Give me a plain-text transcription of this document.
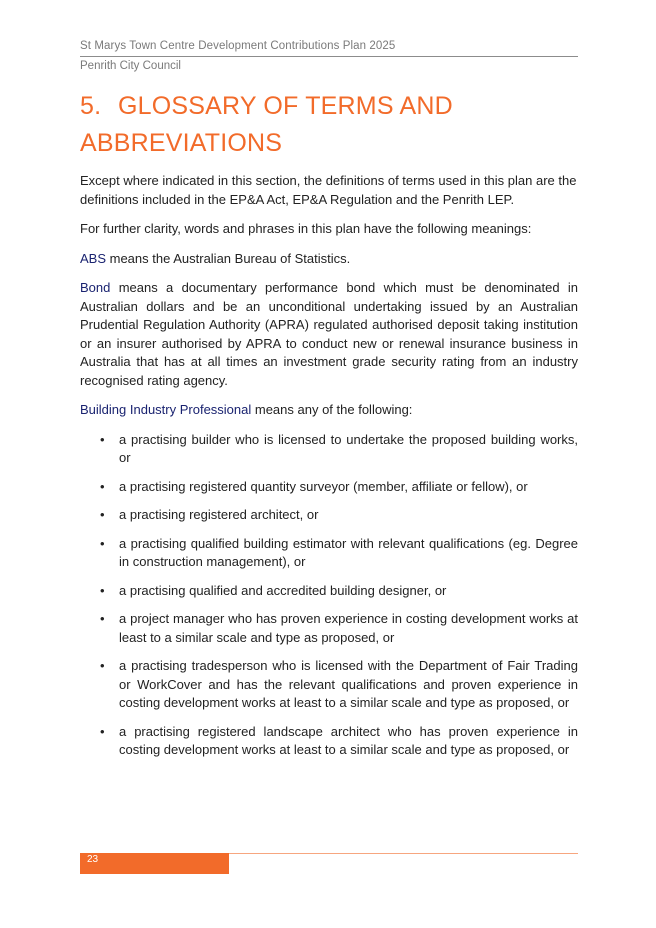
St Marys Town Centre Development Contributions Plan 2025
Penrith City Council
5. GLOSSARY OF TERMS AND
ABBREVIATIONS

Except where indicated in this section, the definitions of terms used in this plan are the definitions included in the EP&A Act, EP&A Regulation and the Penrith LEP.

For further clarity, words and phrases in this plan have the following meanings:

ABS means the Australian Bureau of Statistics.

Bond means a documentary performance bond which must be denominated in Australian dollars and be an unconditional undertaking issued by an Australian Prudential Regulation Authority (APRA) regulated authorised deposit taking institution or an insurer authorised by APRA to conduct new or renewal insurance business in Australia that has at all times an investment grade security rating from an industry recognised rating agency.

Building Industry Professional means any of the following:

• a practising builder who is licensed to undertake the proposed building works, or
• a practising registered quantity surveyor (member, affiliate or fellow), or
• a practising registered architect, or
• a practising qualified building estimator with relevant qualifications (eg. Degree in construction management), or
• a practising qualified and accredited building designer, or
• a project manager who has proven experience in costing development works at least to a similar scale and type as proposed, or
• a practising tradesperson who is licensed with the Department of Fair Trading or WorkCover and has the relevant qualifications and proven experience in costing development works at least to a similar scale and type as proposed, or
• a practising registered landscape architect who has proven experience in costing development works at least to a similar scale and type as proposed, or
23
